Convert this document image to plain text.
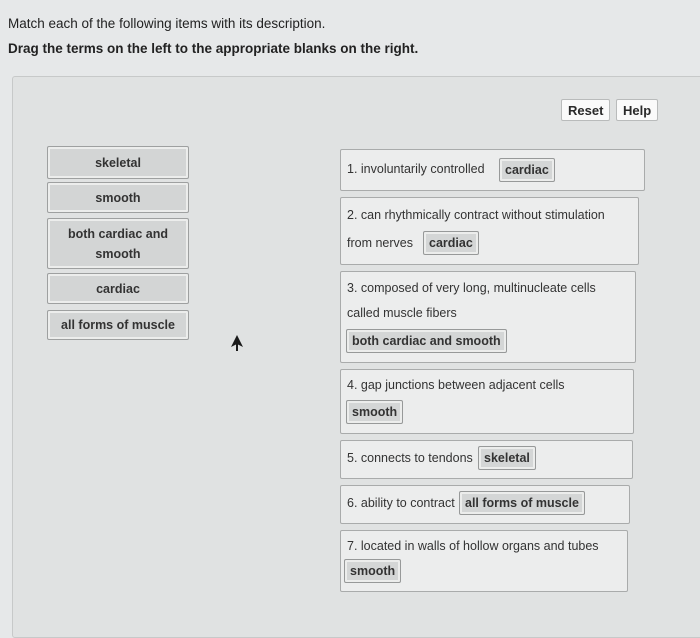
Match each of the following items with its description.
Drag the terms on the left to the appropriate blanks on the right.
Reset	Help
skeletal
smooth
both cardiac and smooth
cardiac
all forms of muscle
1. involuntarily controlled	cardiac
2. can rhythmically contract without stimulation
from nerves	cardiac
3. composed of very long, multinucleate cells
called muscle fibers
both cardiac and smooth
4. gap junctions between adjacent cells
smooth
5. connects to tendons skeletal
6. ability to contract all forms of muscle
7. located in walls of hollow organs and tubes
smooth
